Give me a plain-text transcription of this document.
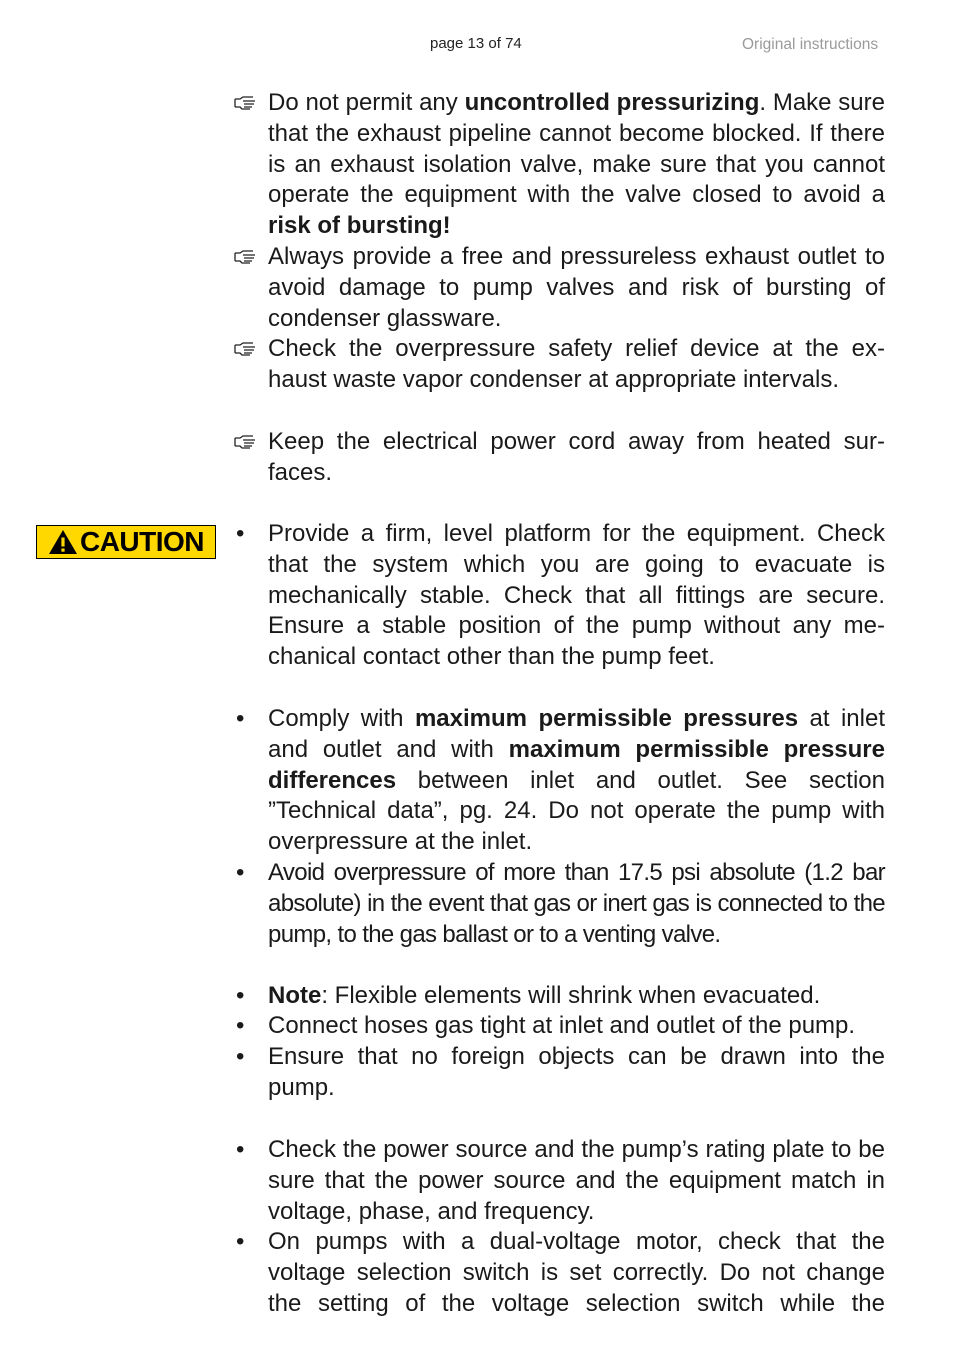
page 13 of 74	Original instructions
CAUTION
Do not permit any uncontrolled pressurizing. Make sure that the exhaust pipeline cannot become blocked. If there is an exhaust isolation valve, make sure that you cannot operate the equipment with the valve closed to avoid a risk of bursting!
Always provide a free and pressureless exhaust outlet to avoid damage to pump valves and risk of bursting of condenser glassware.
Check the overpressure safety relief device at the exhaust waste vapor condenser at appropriate intervals.
Keep the electrical power cord away from heated surfaces.
• Provide a firm, level platform for the equipment. Check that the system which you are going to evacuate is mechanically stable. Check that all fittings are secure. Ensure a stable position of the pump without any mechanical contact other than the pump feet.
• Comply with maximum permissible pressures at inlet and outlet and with maximum permissible pressure differences between inlet and outlet. See section ”Technical data”, pg. 24. Do not operate the pump with overpressure at the inlet.
• Avoid overpressure of more than 17.5 psi absolute (1.2 bar absolute) in the event that gas or inert gas is connected to the pump, to the gas ballast or to a venting valve.
• Note: Flexible elements will shrink when evacuated.
• Connect hoses gas tight at inlet and outlet of the pump.
• Ensure that no foreign objects can be drawn into the pump.
• Check the power source and the pump’s rating plate to be sure that the power source and the equipment match in voltage, phase, and frequency.
• On pumps with a dual-voltage motor, check that the voltage selection switch is set correctly. Do not change the setting of the voltage selection switch while the
